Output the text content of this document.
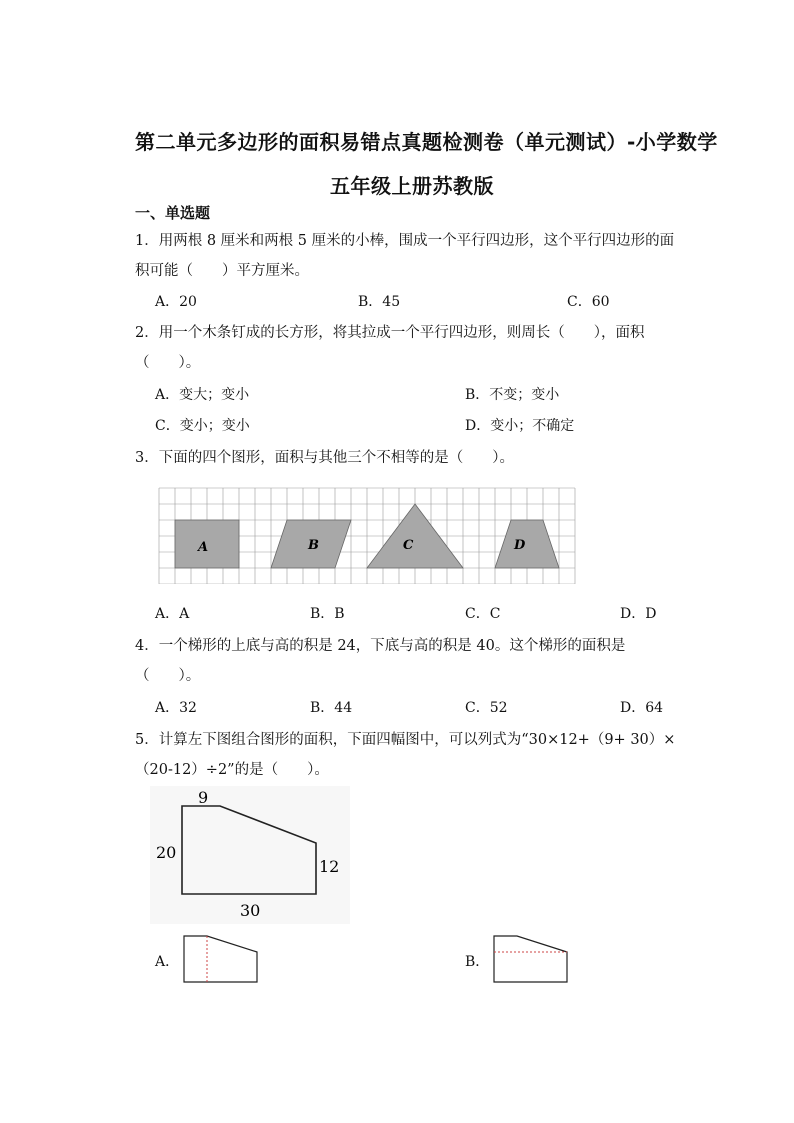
第二单元多边形的面积易错点真题检测卷（单元测试）-小学数学
五年级上册苏教版
一、单选题
1．用两根 8 厘米和两根 5 厘米的小棒，围成一个平行四边形，这个平行四边形的面
积可能（　　）平方厘米。
A．20	B．45	C．60
2．用一个木条钉成的长方形，将其拉成一个平行四边形，则周长（　　），面积
（　　）。
A．变大；变小	B．不变；变小
C．变小；变小	D．变小；不确定
3．下面的四个图形，面积与其他三个不相等的是（　　）。
A	B	C	D
A．A	B．B	C．C	D．D
4．一个梯形的上底与高的积是 24，下底与高的积是 40。这个梯形的面积是
（　　）。
A．32	B．44	C．52	D．64
5．计算左下图组合图形的面积，下面四幅图中，可以列式为“30×12+（9+ 30）×
（20-12）÷2”的是（　　）。
9
20
12
30
A．	B．
